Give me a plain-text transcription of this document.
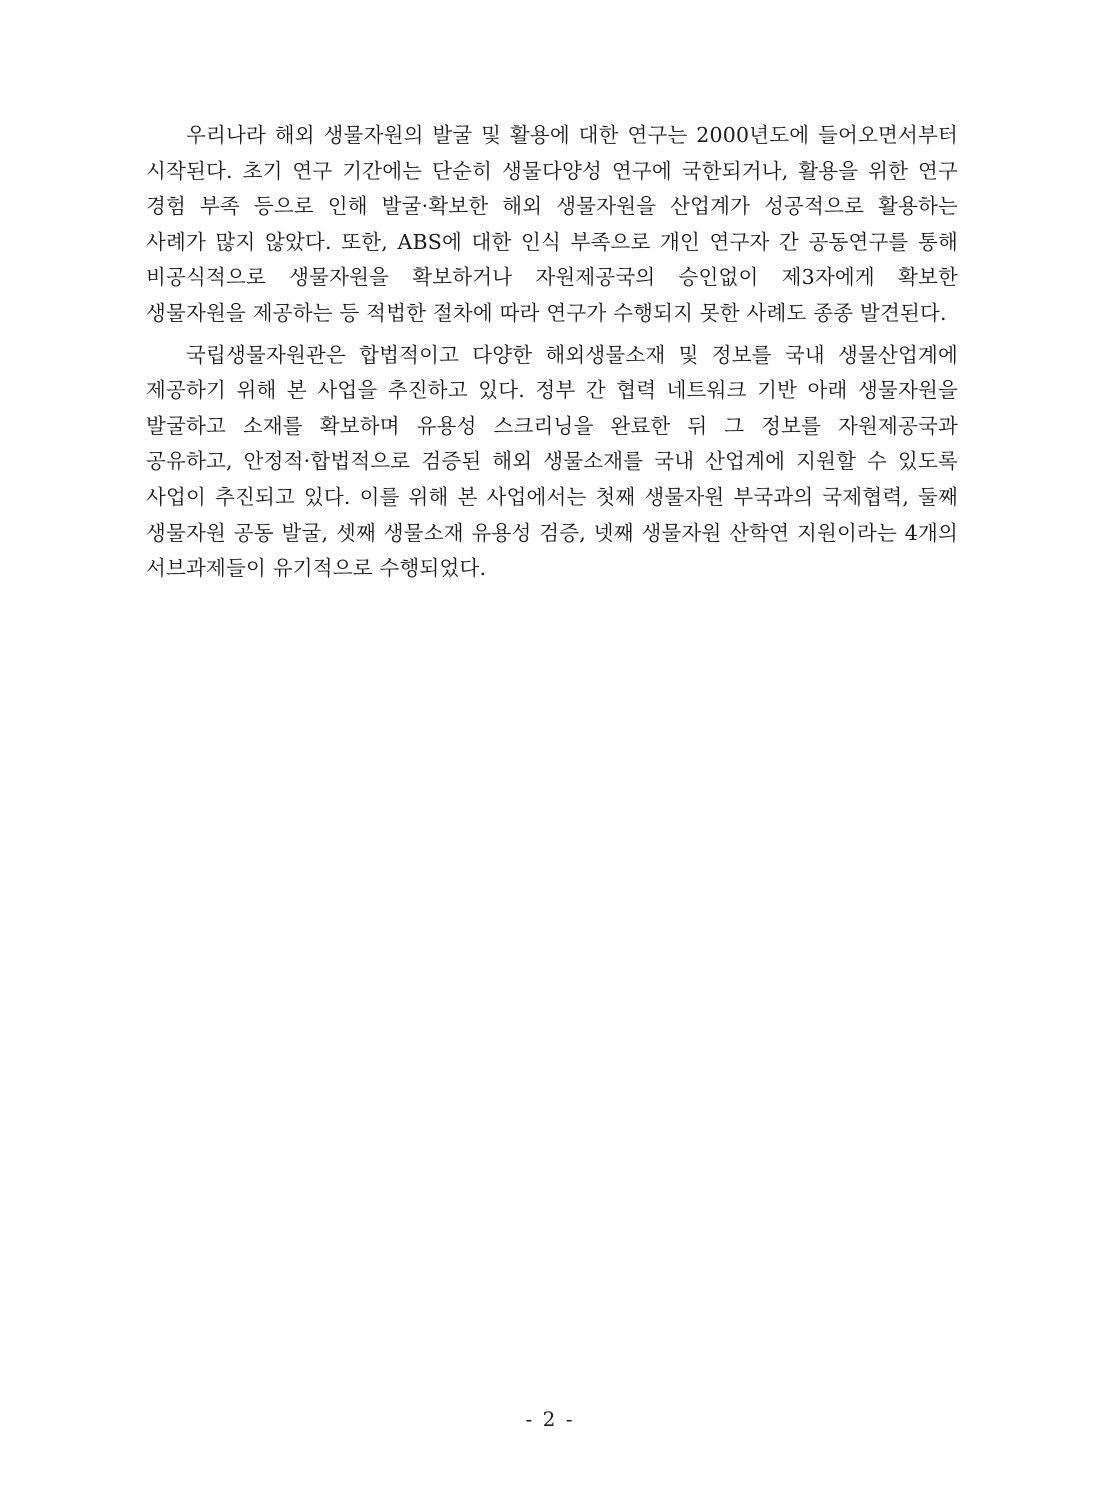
우리나라 해외 생물자원의 발굴 및 활용에 대한 연구는 2000년도에 들어오면서부터 시작된다. 초기 연구 기간에는 단순히 생물다양성 연구에 국한되거나, 활용을 위한 연구 경험 부족 등으로 인해 발굴·확보한 해외 생물자원을 산업계가 성공적으로 활용하는 사례가 많지 않았다. 또한, ABS에 대한 인식 부족으로 개인 연구자 간 공동연구를 통해 비공식적으로 생물자원을 확보하거나 자원제공국의 승인없이 제3자에게 확보한 생물자원을 제공하는 등 적법한 절차에 따라 연구가 수행되지 못한 사례도 종종 발견된다.

국립생물자원관은 합법적이고 다양한 해외생물소재 및 정보를 국내 생물산업계에 제공하기 위해 본 사업을 추진하고 있다. 정부 간 협력 네트워크 기반 아래 생물자원을 발굴하고 소재를 확보하며 유용성 스크리닝을 완료한 뒤 그 정보를 자원제공국과 공유하고, 안정적·합법적으로 검증된 해외 생물소재를 국내 산업계에 지원할 수 있도록 사업이 추진되고 있다. 이를 위해 본 사업에서는 첫째 생물자원 부국과의 국제협력, 둘째 생물자원 공동 발굴, 셋째 생물소재 유용성 검증, 넷째 생물자원 산학연 지원이라는 4개의 서브과제들이 유기적으로 수행되었다.

- 2 -
